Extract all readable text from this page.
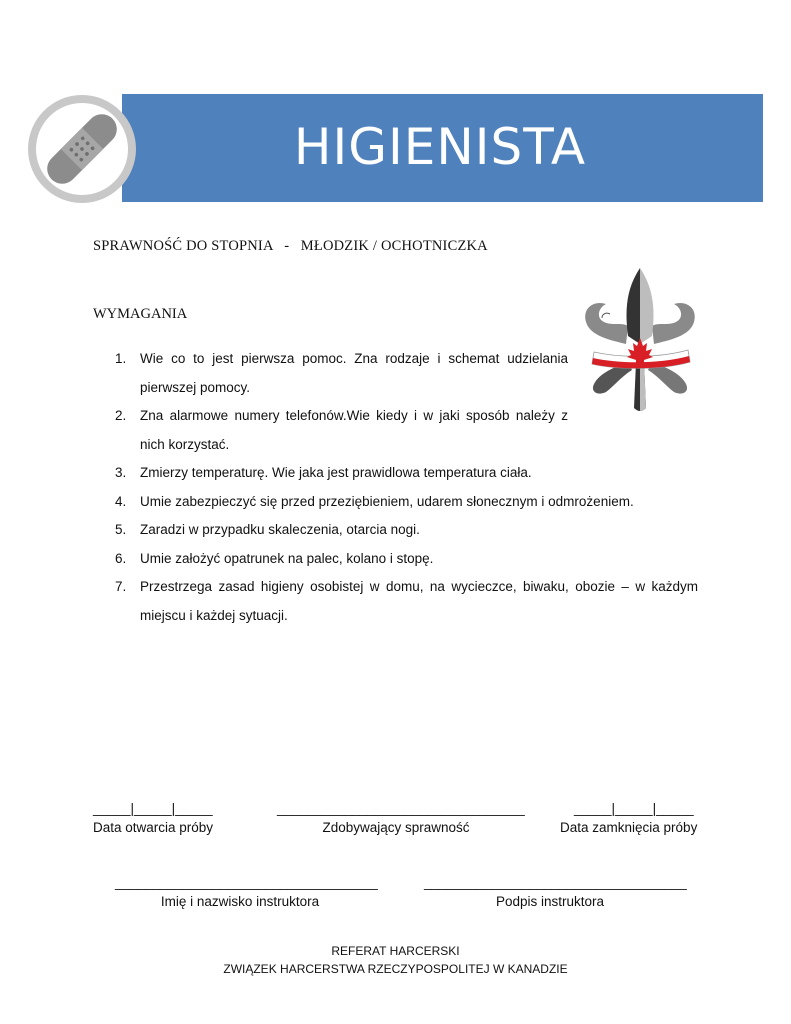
HIGIENISTA
SPRAWNOŚĆ DO STOPNIA   -   MŁODZIK / OCHOTNICZKA
WYMAGANIA
1. Wie co to jest pierwsza pomoc. Zna rodzaje i schemat udzielania pierwszej pomocy.
2. Zna alarmowe numery telefonów.Wie kiedy i w jaki sposób należy z nich korzystać.
3. Zmierzy temperaturę. Wie jaka jest prawidlowa temperatura ciała.
4. Umie zabezpieczyć się przed przeziębieniem, udarem słonecznym i odmrożeniem.
5. Zaradzi w przypadku skaleczenia, otarcia nogi.
6. Umie założyć opatrunek na palec, kolano i stopę.
7. Przestrzega zasad higieny osobistej w domu, na wycieczce, biwaku, obozie – w każdym miejscu i każdej sytuacji.
_____|_____|_____	_________________________________	_____|_____|_____
Data otwarcia próby	Zdobywający sprawność	Data zamknięcia próby
___________________________________	___________________________________
Imię i nazwisko instruktora	Podpis instruktora
REFERAT HARCERSKI
ZWIĄZEK HARCERSTWA RZECZYPOSPOLITEJ W KANADZIE
